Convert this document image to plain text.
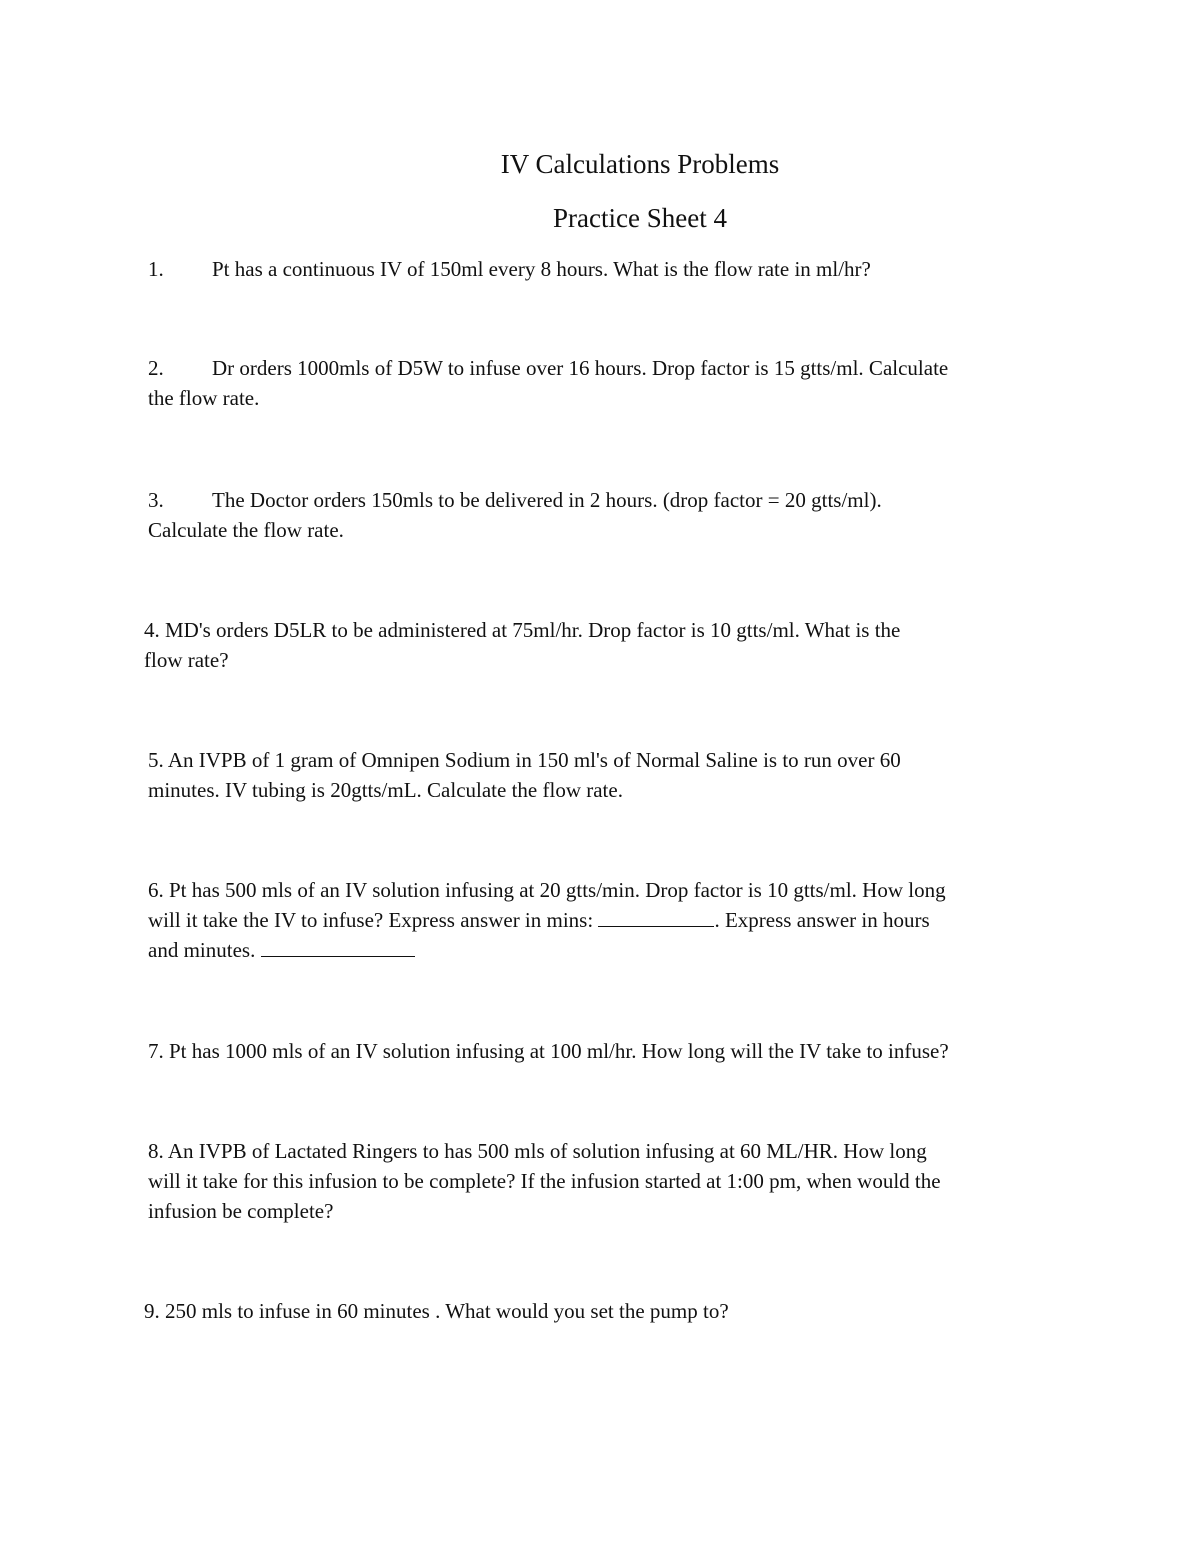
IV Calculations Problems
Practice Sheet 4
1. Pt has a continuous IV of 150ml every 8 hours. What is the flow rate in ml/hr?
2. Dr orders 1000mls of D5W to infuse over 16 hours. Drop factor is 15 gtts/ml. Calculate
the flow rate.
3. The Doctor orders 150mls to be delivered in 2 hours. (drop factor = 20 gtts/ml).
Calculate the flow rate.
4. MD's orders D5LR to be administered at 75ml/hr. Drop factor is 10 gtts/ml. What is the
flow rate?
5. An IVPB of 1 gram of Omnipen Sodium in 150 ml's of Normal Saline is to run over 60
minutes. IV tubing is 20gtts/mL. Calculate the flow rate.
6. Pt has 500 mls of an IV solution infusing at 20 gtts/min. Drop factor is 10 gtts/ml. How long
will it take the IV to infuse? Express answer in mins:	. Express answer in hours
and minutes.
7. Pt has 1000 mls of an IV solution infusing at 100 ml/hr. How long will the IV take to infuse?
8. An IVPB of Lactated Ringers to has 500 mls of solution infusing at 60 ML/HR. How long
will it take for this infusion to be complete? If the infusion started at 1:00 pm, when would the
infusion be complete?
9. 250 mls to infuse in 60 minutes . What would you set the pump to?
